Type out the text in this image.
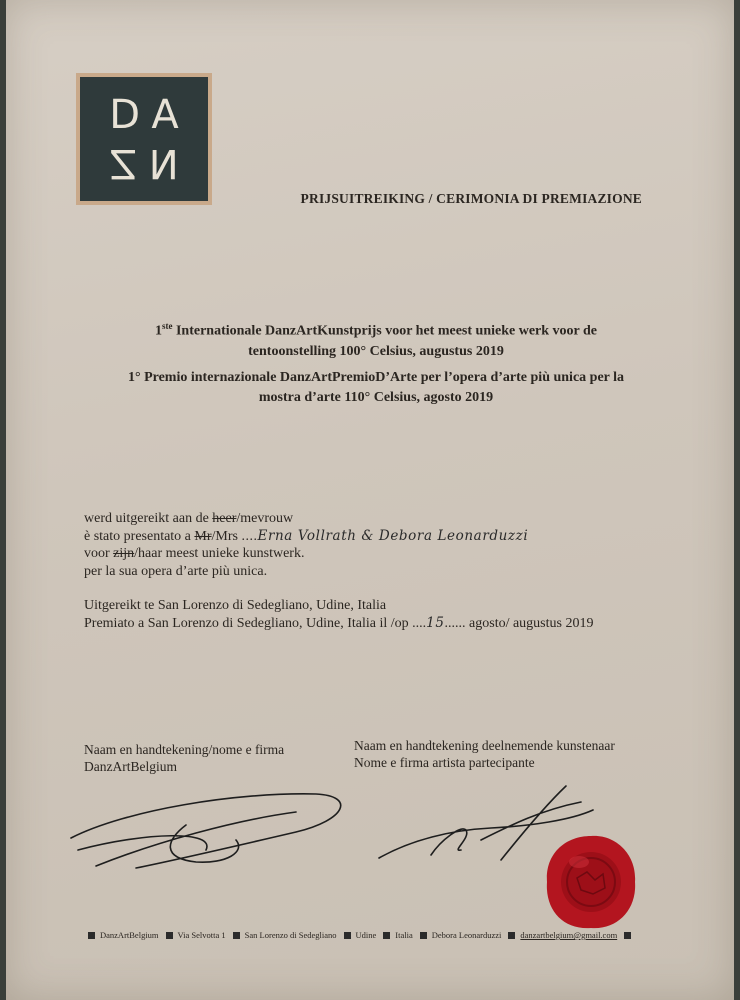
DA
ZN
PRIJSUITREIKING / CERIMONIA DI PREMIAZIONE
1ste Internationale DanzArtKunstprijs voor het meest unieke werk voor de
tentoonstelling 100° Celsius, augustus 2019
1° Premio internazionale DanzArtPremioD’Arte per l’opera d’arte più unica per la
mostra d’arte 110° Celsius, agosto 2019
werd uitgereikt aan de heer/mevrouw
è stato presentato a Mr/Mrs ....Erna Vollrath & Debora Leonarduzzi
voor zijn/haar meest unieke kunstwerk.
per la sua opera d’arte più unica.
Uitgereikt te San Lorenzo di Sedegliano, Udine, Italia
Premiato a San Lorenzo di Sedegliano, Udine, Italia il /op ....15...... agosto/ augustus 2019
Naam en handtekening/nome e firma
DanzArtBelgium
Naam en handtekening deelnemende kunstenaar
Nome e firma artista partecipante
DanzArtBelgium Via Selvotta 1 San Lorenzo di Sedegliano Udine Italia Debora Leonarduzzi danzartbelgium@gmail.com
